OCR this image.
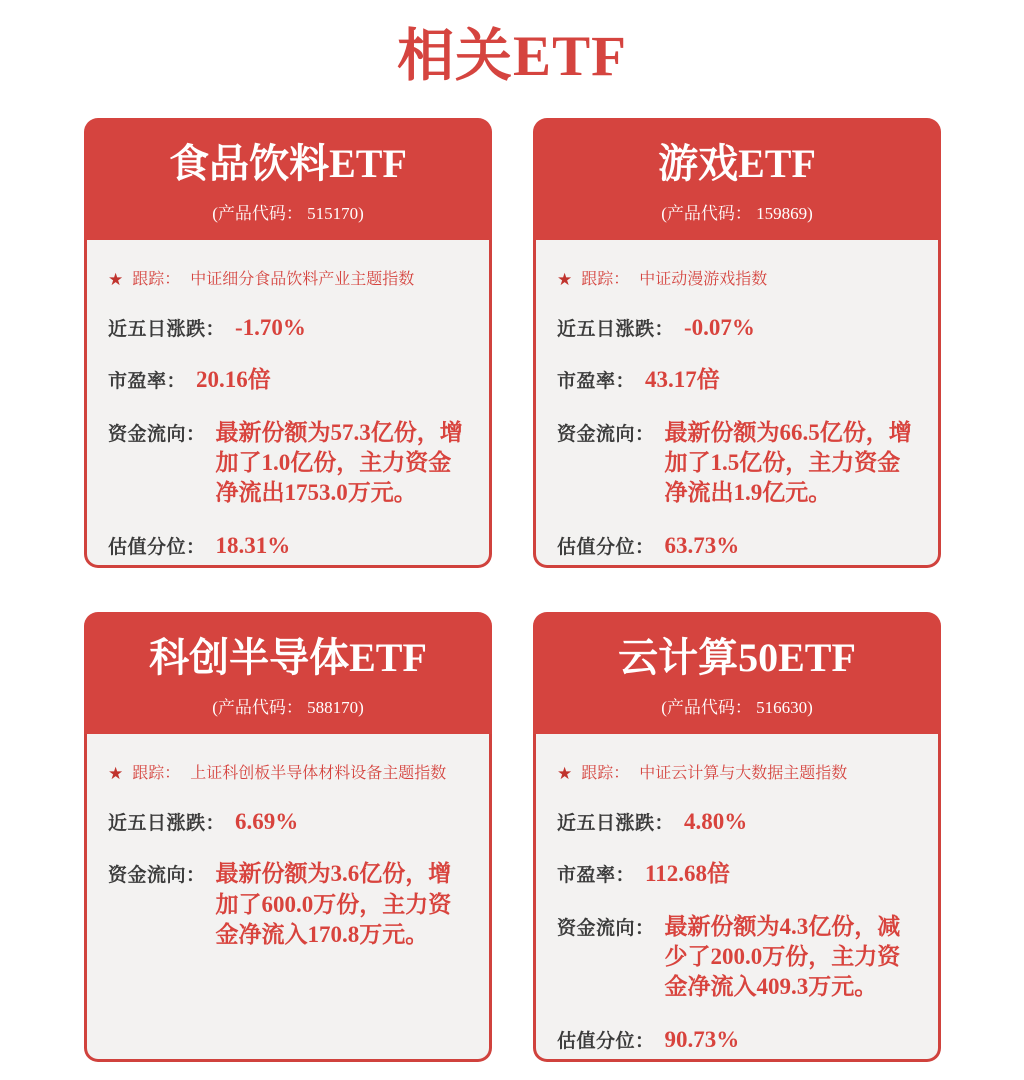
相关ETF
食品饮料ETF
(产品代码： 515170)
★ 跟踪： 中证细分食品饮料产业主题指数
近五日涨跌： -1.70%
市盈率： 20.16倍
资金流向： 最新份额为57.3亿份，增加了1.0亿份，主力资金净流出1753.0万元。
估值分位： 18.31%
游戏ETF
(产品代码： 159869)
★ 跟踪： 中证动漫游戏指数
近五日涨跌： -0.07%
市盈率： 43.17倍
资金流向： 最新份额为66.5亿份，增加了1.5亿份，主力资金净流出1.9亿元。
估值分位： 63.73%
科创半导体ETF
(产品代码： 588170)
★ 跟踪： 上证科创板半导体材料设备主题指数
近五日涨跌： 6.69%
资金流向： 最新份额为3.6亿份，增加了600.0万份，主力资金净流入170.8万元。
云计算50ETF
(产品代码： 516630)
★ 跟踪： 中证云计算与大数据主题指数
近五日涨跌： 4.80%
市盈率： 112.68倍
资金流向： 最新份额为4.3亿份，减少了200.0万份，主力资金净流入409.3万元。
估值分位： 90.73%
